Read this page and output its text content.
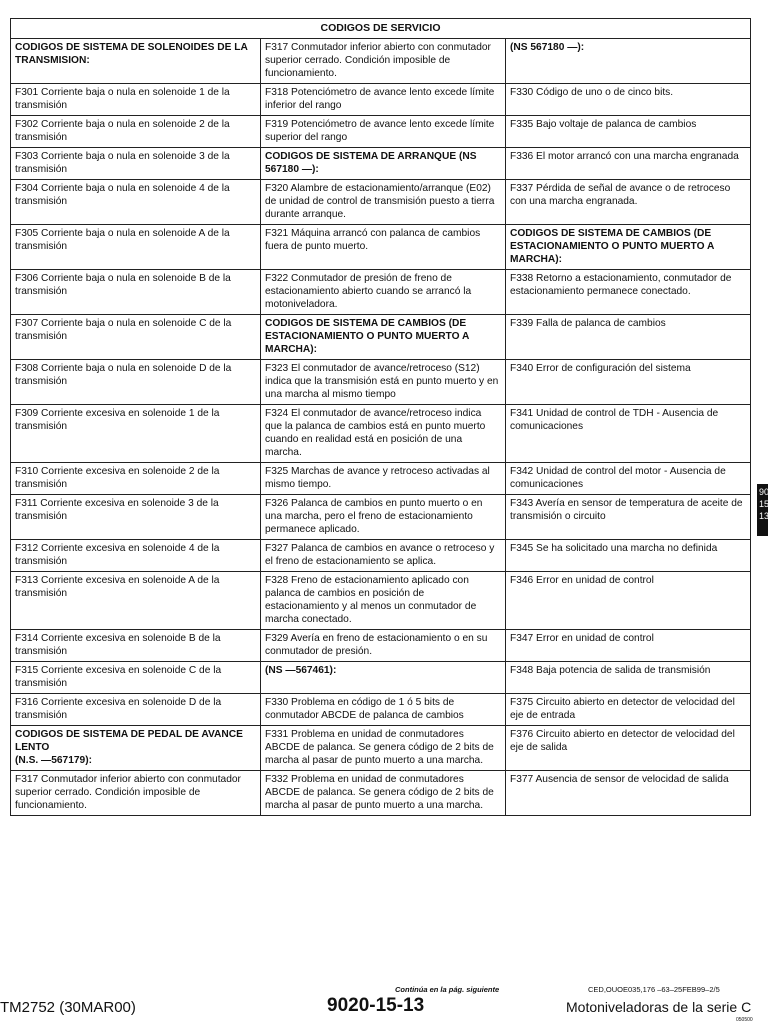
CODIGOS DE SERVICIO		
CODIGOS DE SISTEMA DE SOLENOIDES DE LA TRANSMISION:	F317 Conmutador inferior abierto con conmutador superior cerrado. Condición imposible de funcionamiento.	(NS 567180 —):
F301 Corriente baja o nula en solenoide 1 de la transmisión	F318 Potenciómetro de avance lento excede límite inferior del rango	F330 Código de uno o de cinco bits.
F302 Corriente baja o nula en solenoide 2 de la transmisión	F319 Potenciómetro de avance lento excede límite superior del rango	F335 Bajo voltaje de palanca de cambios
F303 Corriente baja o nula en solenoide 3 de la transmisión	CODIGOS DE SISTEMA DE ARRANQUE (NS 567180 —):	F336 El motor arrancó con una marcha engranada
F304 Corriente baja o nula en solenoide 4 de la transmisión	F320 Alambre de estacionamiento/arranque (E02) de unidad de control de transmisión puesto a tierra durante arranque.	F337 Pérdida de señal de avance o de retroceso con una marcha engranada.
F305 Corriente baja o nula en solenoide A de la transmisión	F321 Máquina arrancó con palanca de cambios fuera de punto muerto.	CODIGOS DE SISTEMA DE CAMBIOS (DE ESTACIONAMIENTO O PUNTO MUERTO A MARCHA):
F306 Corriente baja o nula en solenoide B de la transmisión	F322 Conmutador de presión de freno de estacionamiento abierto cuando se arrancó la motoniveladora.	F338 Retorno a estacionamiento, conmutador de estacionamiento permanece conectado.
F307 Corriente baja o nula en solenoide C de la transmisión	CODIGOS DE SISTEMA DE CAMBIOS (DE ESTACIONAMIENTO O PUNTO MUERTO A MARCHA):	F339 Falla de palanca de cambios
F308 Corriente baja o nula en solenoide D de la transmisión	F323 El conmutador de avance/retroceso (S12) indica que la transmisión está en punto muerto y en una marcha al mismo tiempo	F340 Error de configuración del sistema
F309 Corriente excesiva en solenoide 1 de la transmisión	F324 El conmutador de avance/retroceso indica que la palanca de cambios está en punto muerto cuando en realidad está en posición de una marcha.	F341 Unidad de control de TDH - Ausencia de comunicaciones
F310 Corriente excesiva en solenoide 2 de la transmisión	F325 Marchas de avance y retroceso activadas al mismo tiempo.	F342 Unidad de control del motor - Ausencia de comunicaciones
F311 Corriente excesiva en solenoide 3 de la transmisión	F326 Palanca de cambios en punto muerto o en una marcha, pero el freno de estacionamiento permanece aplicado.	F343 Avería en sensor de temperatura de aceite de transmisión o circuito
F312 Corriente excesiva en solenoide 4 de la transmisión	F327 Palanca de cambios en avance o retroceso y el freno de estacionamiento se aplica.	F345 Se ha solicitado una marcha no definida
F313 Corriente excesiva en solenoide A de la transmisión	F328 Freno de estacionamiento aplicado con palanca de cambios en posición de estacionamiento y al menos un conmutador de marcha conectado.	F346 Error en unidad de control
F314 Corriente excesiva en solenoide B de la transmisión	F329 Avería en freno de estacionamiento o en su conmutador de presión.	F347 Error en unidad de control
F315 Corriente excesiva en solenoide C de la transmisión	(NS —567461):	F348 Baja potencia de salida de transmisión
F316 Corriente excesiva en solenoide D de la transmisión	F330 Problema en código de 1 ó 5 bits de conmutador ABCDE de palanca de cambios	F375 Circuito abierto en detector de velocidad del eje de entrada
CODIGOS DE SISTEMA DE PEDAL DE AVANCE LENTO
(N.S. —567179):	F331 Problema en unidad de conmutadores ABCDE de palanca. Se genera código de 2 bits de marcha al pasar de punto muerto a una marcha.	F376 Circuito abierto en detector de velocidad del eje de salida
F317 Conmutador inferior abierto con conmutador superior cerrado. Condición imposible de funcionamiento.	F332 Problema en unidad de conmutadores ABCDE de palanca. Se genera código de 2 bits de marcha al pasar de punto muerto a una marcha.	F377 Ausencia de sensor de velocidad de salida
90
15
13
Continúa en la pág. siguiente	CED,OUOE035,176 –63–25FEB99–2/5
TM2752 (30MAR00)	9020-15-13	Motoniveladoras de la serie C
050500
